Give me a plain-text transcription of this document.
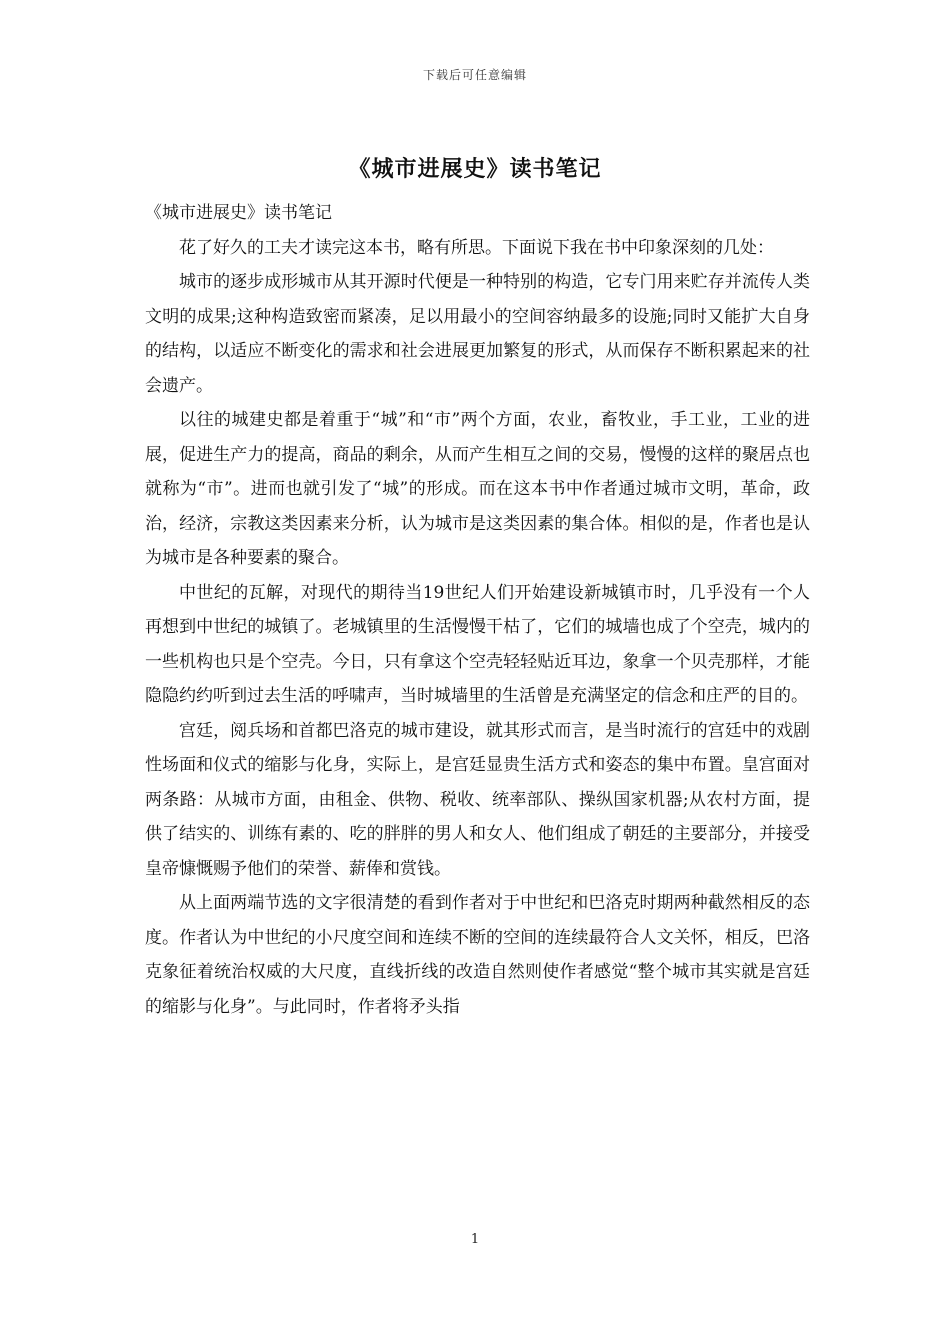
下载后可任意编辑
《城市进展史》读书笔记

《城市进展史》读书笔记

花了好久的工夫才读完这本书，略有所思。下面说下我在书中印象深刻的几处：

城市的逐步成形城市从其开源时代便是一种特别的构造，它专门用来贮存并流传人类文明的成果;这种构造致密而紧凑，足以用最小的空间容纳最多的设施;同时又能扩大自身的结构，以适应不断变化的需求和社会进展更加繁复的形式，从而保存不断积累起来的社会遗产。

以往的城建史都是着重于“城”和“市”两个方面，农业，畜牧业，手工业，工业的进展，促进生产力的提高，商品的剩余，从而产生相互之间的交易，慢慢的这样的聚居点也就称为“市”。进而也就引发了“城”的形成。而在这本书中作者通过城市文明，革命，政治，经济，宗教这类因素来分析，认为城市是这类因素的集合体。相似的是，作者也是认为城市是各种要素的聚合。

中世纪的瓦解，对现代的期待当19世纪人们开始建设新城镇市时，几乎没有一个人再想到中世纪的城镇了。老城镇里的生活慢慢干枯了，它们的城墙也成了个空壳，城内的一些机构也只是个空壳。今日，只有拿这个空壳轻轻贴近耳边，象拿一个贝壳那样，才能隐隐约约听到过去生活的呼啸声，当时城墙里的生活曾是充满坚定的信念和庄严的目的。

宫廷，阅兵场和首都巴洛克的城市建设，就其形式而言，是当时流行的宫廷中的戏剧性场面和仪式的缩影与化身，实际上，是宫廷显贵生活方式和姿态的集中布置。皇宫面对两条路：从城市方面，由租金、供物、税收、统率部队、操纵国家机器;从农村方面，提供了结实的、训练有素的、吃的胖胖的男人和女人、他们组成了朝廷的主要部分，并接受皇帝慷慨赐予他们的荣誉、薪俸和赏钱。

从上面两端节选的文字很清楚的看到作者对于中世纪和巴洛克时期两种截然相反的态度。作者认为中世纪的小尺度空间和连续不断的空间的连续最符合人文关怀，相反，巴洛克象征着统治权威的大尺度，直线折线的改造自然则使作者感觉“整个城市其实就是宫廷的缩影与化身”。与此同时，作者将矛头指

1
